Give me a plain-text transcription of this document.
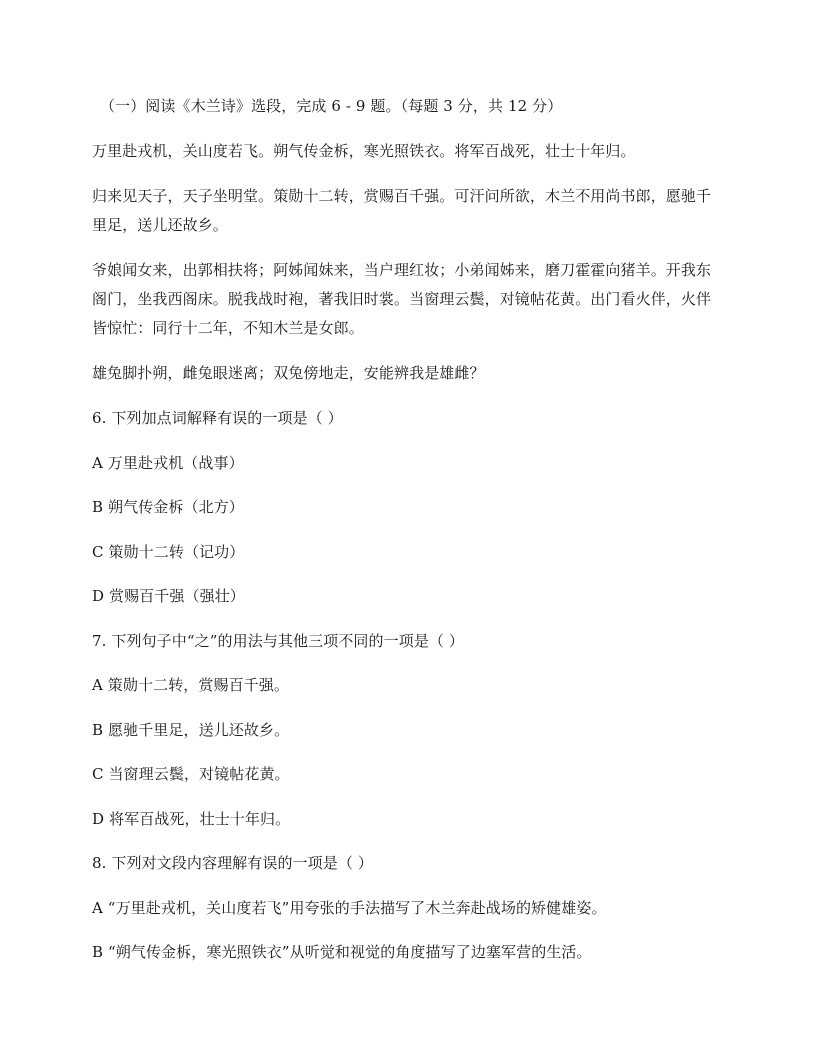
（一）阅读《木兰诗》选段，完成 6 - 9 题。（每题 3 分，共 12 分）

万里赴戎机，关山度若飞。朔气传金柝，寒光照铁衣。将军百战死，壮士十年归。

归来见天子，天子坐明堂。策勋十二转，赏赐百千强。可汗问所欲，木兰不用尚书郎，愿驰千里足，送儿还故乡。

爷娘闻女来，出郭相扶将；阿姊闻妹来，当户理红妆；小弟闻姊来，磨刀霍霍向猪羊。开我东阁门，坐我西阁床。脱我战时袍，著我旧时裳。当窗理云鬓，对镜帖花黄。出门看火伴，火伴皆惊忙：同行十二年，不知木兰是女郎。

雄兔脚扑朔，雌兔眼迷离；双兔傍地走，安能辨我是雄雌？

6. 下列加点词解释有误的一项是（ ）

A 万里赴戎机（战事）

B 朔气传金柝（北方）

C 策勋十二转（记功）

D 赏赐百千强（强壮）

7. 下列句子中“之”的用法与其他三项不同的一项是（ ）

A 策勋十二转，赏赐百千强。

B 愿驰千里足，送儿还故乡。

C 当窗理云鬓，对镜帖花黄。

D 将军百战死，壮士十年归。

8. 下列对文段内容理解有误的一项是（ ）

A “万里赴戎机，关山度若飞”用夸张的手法描写了木兰奔赴战场的矫健雄姿。

B “朔气传金柝，寒光照铁衣”从听觉和视觉的角度描写了边塞军营的生活。
